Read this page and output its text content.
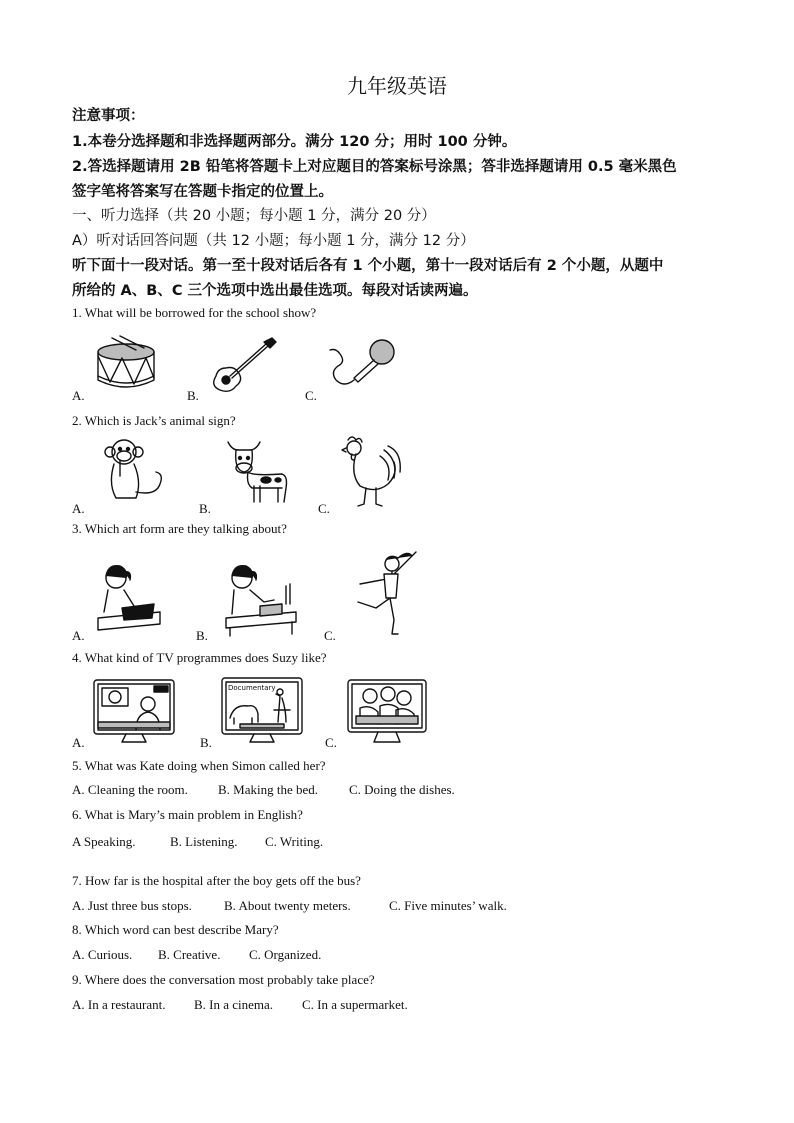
九年级英语
注意事项：
1.本卷分选择题和非选择题两部分。满分 120 分；用时 100 分钟。
2.答选择题请用 2B 铅笔将答题卡上对应题目的答案标号涂黑；答非选择题请用 0.5 毫米黑色
签字笔将答案写在答题卡指定的位置上。
一、听力选择（共 20 小题；每小题 1 分，满分 20 分）
A）听对话回答问题（共 12 小题；每小题 1 分，满分 12 分）
听下面十一段对话。第一至十段对话后各有 1 个小题，第十一段对话后有 2 个小题，从题中
所给的 A、B、C 三个选项中选出最佳选项。每段对话读两遍。
1. What will be borrowed for the school show?
A.	B.	C.
2. Which is Jack’s animal sign?
A.	B.	C.
3. Which art form are they talking about?
A.	B.	C.
4. What kind of TV programmes does Suzy like?
Documentary
A.	B.	C.
5. What was Kate doing when Simon called her?
A. Cleaning the room. B. Making the bed. C. Doing the dishes.
6. What is Mary’s main problem in English?
A Speaking.	B. Listening. C. Writing.
7. How far is the hospital after the boy gets off the bus?
A. Just three bus stops. B. About twenty meters.	C. Five minutes’ walk.
8. Which word can best describe Mary?
A. Curious. B. Creative. C. Organized.
9. Where does the conversation most probably take place?
A. In a restaurant. B. In a cinema. C. In a supermarket.
